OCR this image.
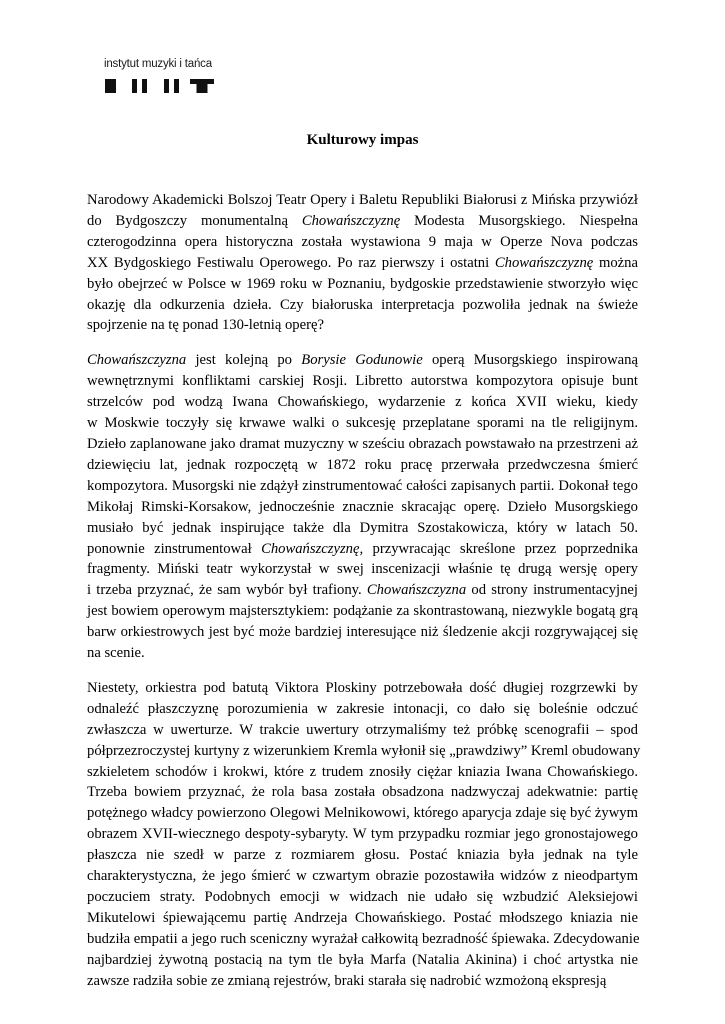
instytut muzyki i tańca
Kulturowy impas

Narodowy Akademicki Bolszoj Teatr Opery i Baletu Republiki Białorusi z Mińska przywiózł
do Bydgoszczy monumentalną Chowańszczyznę Modesta Musorgskiego. Niespełna
czterogodzinna opera historyczna została wystawiona 9 maja w Operze Nova podczas
XX Bydgoskiego Festiwalu Operowego. Po raz pierwszy i ostatni Chowańszczyznę można
było obejrzeć w Polsce w 1969 roku w Poznaniu, bydgoskie przedstawienie stworzyło więc
okazję dla odkurzenia dzieła. Czy białoruska interpretacja pozwoliła jednak na świeże
spojrzenie na tę ponad 130-letnią operę?

Chowańszczyzna jest kolejną po Borysie Godunowie operą Musorgskiego inspirowaną
wewnętrznymi konfliktami carskiej Rosji. Libretto autorstwa kompozytora opisuje bunt
strzelców pod wodzą Iwana Chowańskiego, wydarzenie z końca XVII wieku, kiedy
w Moskwie toczyły się krwawe walki o sukcesję przeplatane sporami na tle religijnym.
Dzieło zaplanowane jako dramat muzyczny w sześciu obrazach powstawało na przestrzeni aż
dziewięciu lat, jednak rozpoczętą w 1872 roku pracę przerwała przedwczesna śmierć
kompozytora. Musorgski nie zdążył zinstrumentować całości zapisanych partii. Dokonał tego
Mikołaj Rimski-Korsakow, jednocześnie znacznie skracając operę. Dzieło Musorgskiego
musiało być jednak inspirujące także dla Dymitra Szostakowicza, który w latach 50.
ponownie zinstrumentował Chowańszczyznę, przywracając skreślone przez poprzednika
fragmenty. Miński teatr wykorzystał w swej inscenizacji właśnie tę drugą wersję opery
i trzeba przyznać, że sam wybór był trafiony. Chowańszczyzna od strony instrumentacyjnej
jest bowiem operowym majstersztykiem: podążanie za skontrastowaną, niezwykle bogatą grą
barw orkiestrowych jest być może bardziej interesujące niż śledzenie akcji rozgrywającej się
na scenie.

Niestety, orkiestra pod batutą Viktora Ploskiny potrzebowała dość długiej rozgrzewki by
odnaleźć płaszczyznę porozumienia w zakresie intonacji, co dało się boleśnie odczuć
zwłaszcza w uwerturze. W trakcie uwertury otrzymaliśmy też próbkę scenografii – spod
półprzezroczystej kurtyny z wizerunkiem Kremla wyłonił się „prawdziwy” Kreml obudowany
szkieletem schodów i krokwi, które z trudem znosiły ciężar kniazia Iwana Chowańskiego.
Trzeba bowiem przyznać, że rola basa została obsadzona nadzwyczaj adekwatnie: partię
potężnego władcy powierzono Olegowi Melnikowowi, którego aparycja zdaje się być żywym
obrazem XVII-wiecznego despoty-sybaryty. W tym przypadku rozmiar jego gronostajowego
płaszcza nie szedł w parze z rozmiarem głosu. Postać kniazia była jednak na tyle
charakterystyczna, że jego śmierć w czwartym obrazie pozostawiła widzów z nieodpartym
poczuciem straty. Podobnych emocji w widzach nie udało się wzbudzić Aleksiejowi
Mikutelowi śpiewającemu partię Andrzeja Chowańskiego. Postać młodszego kniazia nie
budziła empatii a jego ruch sceniczny wyrażał całkowitą bezradność śpiewaka. Zdecydowanie
najbardziej żywotną postacią na tym tle była Marfa (Natalia Akinina) i choć artystka nie
zawsze radziła sobie ze zmianą rejestrów, braki starała się nadrobić wzmożoną ekspresją
